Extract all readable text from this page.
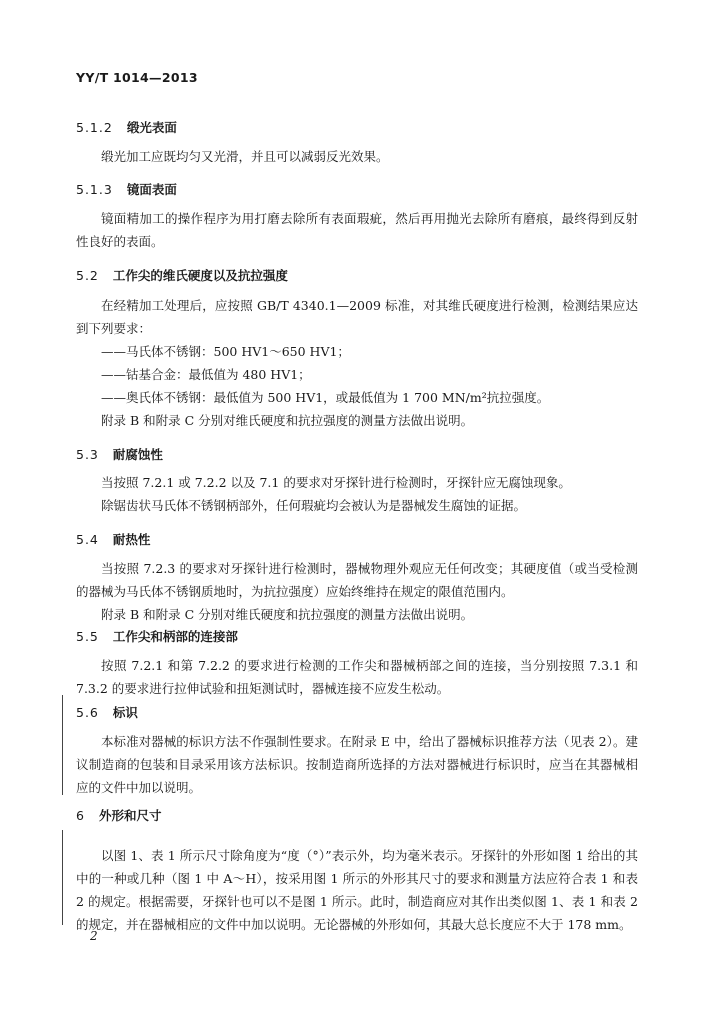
YY/T 1014—2013
5.1.2 缎光表面
缎光加工应既均匀又光滑，并且可以减弱反光效果。
5.1.3 镜面表面
镜面精加工的操作程序为用打磨去除所有表面瑕疵，然后再用抛光去除所有磨痕，最终得到反射性良好的表面。
5.2 工作尖的维氏硬度以及抗拉强度
在经精加工处理后，应按照 GB/T 4340.1—2009 标准，对其维氏硬度进行检测，检测结果应达到下列要求：
——马氏体不锈钢：500 HV1～650 HV1；
——钴基合金：最低值为 480 HV1；
——奥氏体不锈钢：最低值为 500 HV1，或最低值为 1 700 MN/m²抗拉强度。
附录 B 和附录 C 分别对维氏硬度和抗拉强度的测量方法做出说明。
5.3 耐腐蚀性
当按照 7.2.1 或 7.2.2 以及 7.1 的要求对牙探针进行检测时，牙探针应无腐蚀现象。
除锯齿状马氏体不锈钢柄部外，任何瑕疵均会被认为是器械发生腐蚀的证据。
5.4 耐热性
当按照 7.2.3 的要求对牙探针进行检测时，器械物理外观应无任何改变；其硬度值（或当受检测的器械为马氏体不锈钢质地时，为抗拉强度）应始终维持在规定的限值范围内。
附录 B 和附录 C 分别对维氏硬度和抗拉强度的测量方法做出说明。
5.5 工作尖和柄部的连接部
按照 7.2.1 和第 7.2.2 的要求进行检测的工作尖和器械柄部之间的连接，当分别按照 7.3.1 和 7.3.2 的要求进行拉伸试验和扭矩测试时，器械连接不应发生松动。
5.6 标识
本标准对器械的标识方法不作强制性要求。在附录 E 中，给出了器械标识推荐方法（见表 2）。建议制造商的包装和目录采用该方法标识。按制造商所选择的方法对器械进行标识时，应当在其器械相应的文件中加以说明。
6 外形和尺寸
以图 1、表 1 所示尺寸除角度为“度（°）”表示外，均为毫米表示。牙探针的外形如图 1 给出的其中的一种或几种（图 1 中 A～H），按采用图 1 所示的外形其尺寸的要求和测量方法应符合表 1 和表 2 的规定。根据需要，牙探针也可以不是图 1 所示。此时，制造商应对其作出类似图 1、表 1 和表 2 的规定，并在器械相应的文件中加以说明。无论器械的外形如何，其最大总长度应不大于 178 mm。
2
